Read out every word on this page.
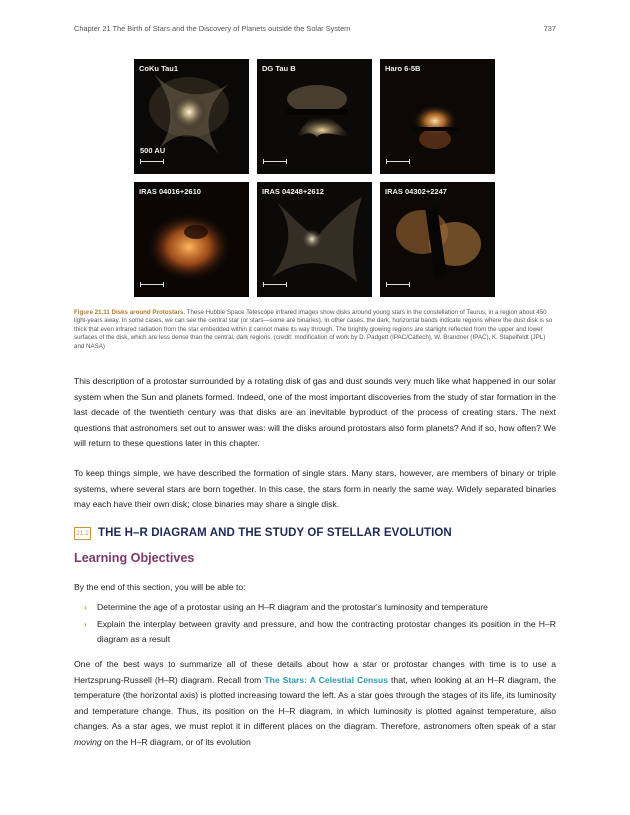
Chapter 21 The Birth of Stars and the Discovery of Planets outside the Solar System	737
CoKu Tau1
500 AU
DG Tau B	Haro 6-5B
IRAS 04016+2610	IRAS 04248+2612	IRAS 04302+2247
Figure 21.11 Disks around Protostars. These Hubble Space Telescope infrared images show disks around young stars in the constellation of Taurus, in a region about 450 light-years away. In some cases, we can see the central star (or stars—some are binaries). In other cases, the dark, horizontal bands indicate regions where the dust disk is so thick that even infrared radiation from the star embedded within it cannot make its way through. The brightly glowing regions are starlight reflected from the upper and lower surfaces of the disk, which are less dense than the central, dark regions. (credit: modification of work by D. Padgett (IPAC/Caltech), W. Brandner (IPAC), K. Stapelfeldt (JPL) and NASA)

This description of a protostar surrounded by a rotating disk of gas and dust sounds very much like what happened in our solar system when the Sun and planets formed. Indeed, one of the most important discoveries from the study of star formation in the last decade of the twentieth century was that disks are an inevitable byproduct of the process of creating stars. The next questions that astronomers set out to answer was: will the disks around protostars also form planets? And if so, how often? We will return to these questions later in this chapter.

To keep things simple, we have described the formation of single stars. Many stars, however, are members of binary or triple systems, where several stars are born together. In this case, the stars form in nearly the same way. Widely separated binaries may each have their own disk; close binaries may share a single disk.

21.2 THE H–R DIAGRAM AND THE STUDY OF STELLAR EVOLUTION
Learning Objectives
By the end of this section, you will be able to:
› Determine the age of a protostar using an H–R diagram and the protostar's luminosity and temperature
› Explain the interplay between gravity and pressure, and how the contracting protostar changes its position in the H–R diagram as a result

One of the best ways to summarize all of these details about how a star or protostar changes with time is to use a Hertzsprung-Russell (H–R) diagram. Recall from The Stars: A Celestial Census that, when looking at an H–R diagram, the temperature (the horizontal axis) is plotted increasing toward the left. As a star goes through the stages of its life, its luminosity and temperature change. Thus, its position on the H–R diagram, in which luminosity is plotted against temperature, also changes. As a star ages, we must replot it in different places on the diagram. Therefore, astronomers often speak of a star moving on the H–R diagram, or of its evolution
